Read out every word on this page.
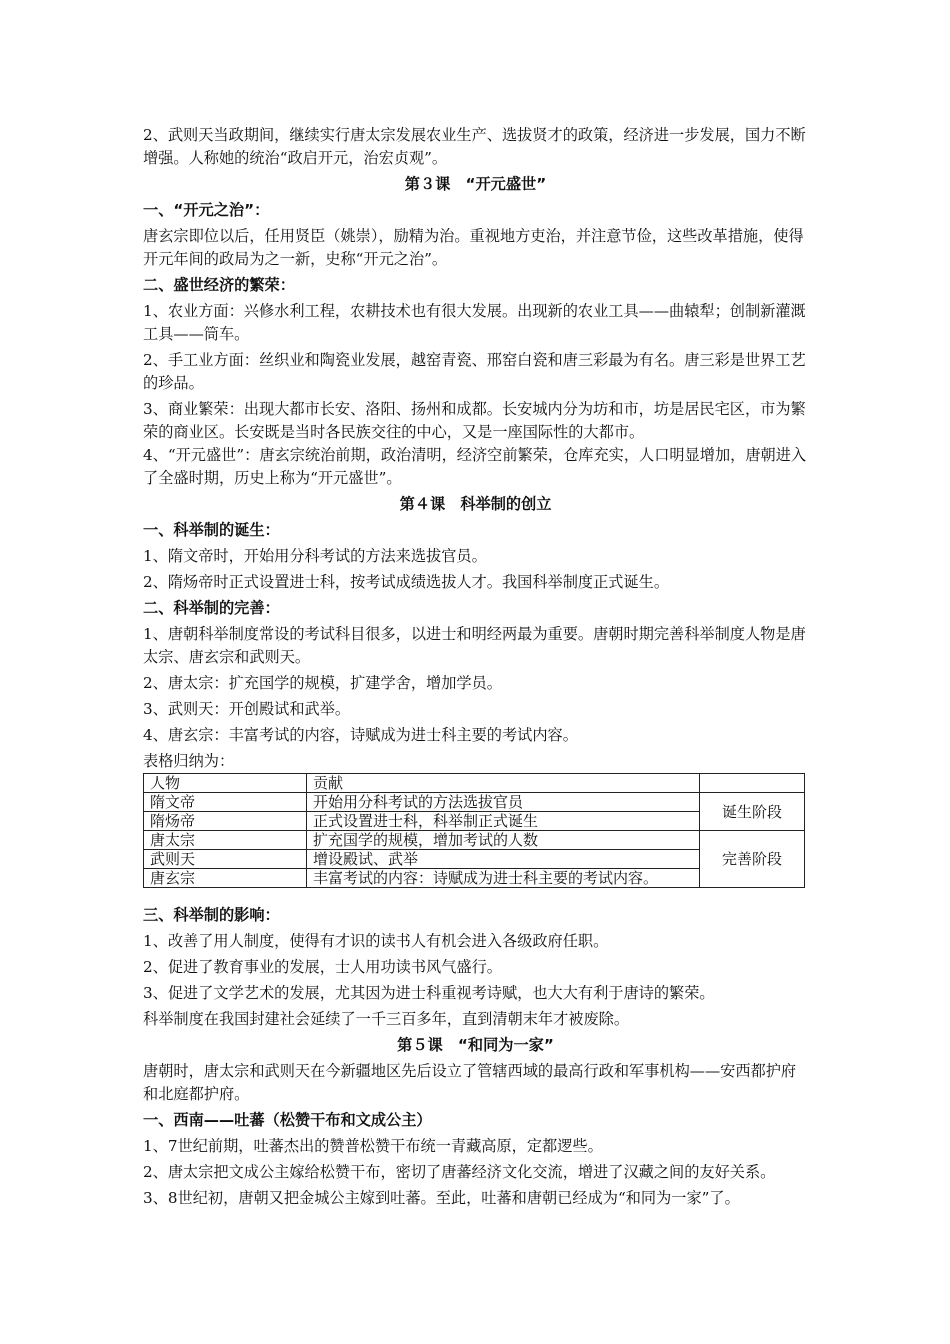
2、武则天当政期间，继续实行唐太宗发展农业生产、选拔贤才的政策，经济进一步发展，国力不断增强。人称她的统治“政启开元，治宏贞观”。

第３课　“开元盛世”
一、“开元之治”：

唐玄宗即位以后，任用贤臣（姚崇），励精为治。重视地方吏治，并注意节俭，这些改革措施，使得开元年间的政局为之一新，史称“开元之治”。

二、盛世经济的繁荣：

1、农业方面：兴修水利工程，农耕技术也有很大发展。出现新的农业工具——曲辕犁；创制新灌溉工具——筒车。

2、手工业方面：丝织业和陶瓷业发展，越窑青瓷、邢窑白瓷和唐三彩最为有名。唐三彩是世界工艺的珍品。

3、商业繁荣：出现大都市长安、洛阳、扬州和成都。长安城内分为坊和市，坊是居民宅区，市为繁荣的商业区。长安既是当时各民族交往的中心，又是一座国际性的大都市。

4、“开元盛世”：唐玄宗统治前期，政治清明，经济空前繁荣，仓库充实，人口明显增加，唐朝进入了全盛时期，历史上称为“开元盛世”。

第４课　科举制的创立
一、科举制的诞生：

1、隋文帝时，开始用分科考试的方法来选拔官员。

2、隋炀帝时正式设置进士科，按考试成绩选拔人才。我国科举制度正式诞生。

二、科举制的完善：

1、唐朝科举制度常设的考试科目很多，以进士和明经两最为重要。唐朝时期完善科举制度人物是唐太宗、唐玄宗和武则天。

2、唐太宗：扩充国学的规模，扩建学舍，增加学员。

3、武则天：开创殿试和武举。

4、唐玄宗：丰富考试的内容，诗赋成为进士科主要的考试内容。

表格归纳为：

人物	贡献	
隋文帝	开始用分科考试的方法选拔官员	诞生阶段
隋炀帝	正式设置进士科，科举制正式诞生	
唐太宗	扩充国学的规模，增加考试的人数	完善阶段
武则天	增设殿试、武举	
唐玄宗	丰富考试的内容：诗赋成为进士科主要的考试内容。	
三、科举制的影响：

1、改善了用人制度，使得有才识的读书人有机会进入各级政府任职。

2、促进了教育事业的发展，士人用功读书风气盛行。

3、促进了文学艺术的发展，尤其因为进士科重视考诗赋，也大大有利于唐诗的繁荣。

科举制度在我国封建社会延续了一千三百多年，直到清朝末年才被废除。

第５课　“和同为一家”

唐朝时，唐太宗和武则天在今新疆地区先后设立了管辖西域的最高行政和军事机构——安西都护府和北庭都护府。

一、西南——吐蕃（松赞干布和文成公主）

1、7世纪前期，吐蕃杰出的赞普松赞干布统一青藏高原，定都逻些。

2、唐太宗把文成公主嫁给松赞干布，密切了唐蕃经济文化交流，增进了汉藏之间的友好关系。

3、8世纪初，唐朝又把金城公主嫁到吐蕃。至此，吐蕃和唐朝已经成为“和同为一家”了。
